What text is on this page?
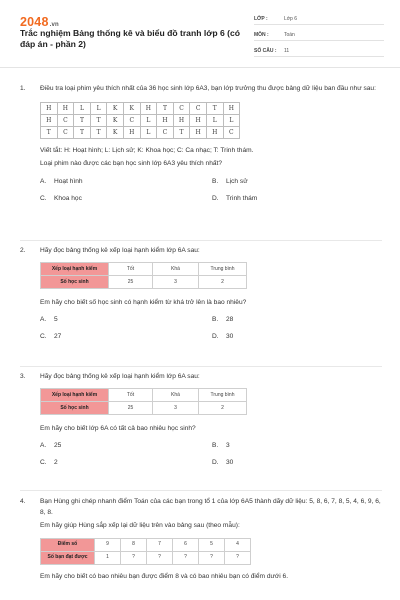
2048.vn
Trắc nghiệm Bảng thống kê và biểu đồ tranh lớp 6 (có đáp án - phần 2)
LỚP :	Lớp 6
MÔN :	Toán
SỐ CÂU :	11
1.	Điều tra loại phim yêu thích nhất của 36 học sinh lớp 6A3, bạn lớp trưởng thu được bảng dữ liệu ban đầu như sau:
H	H	L	L	K	K	H	T	C	C	T	H
H	C	T	T	K	C	L	H	H	H	L	L
T	C	T	T	K	H	L	C	T	H	H	C
Viết tắt: H: Hoạt hình; L: Lịch sử; K: Khoa học; C: Ca nhạc; T: Trinh thám.
Loại phim nào được các bạn học sinh lớp 6A3 yêu thích nhất?
A. Hoạt hình	B. Lịch sử
C. Khoa học	D. Trinh thám
2.	Hãy đọc bảng thống kê xếp loại hạnh kiểm lớp 6A sau:
Xếp loại hạnh kiểm	Tốt	Khá	Trung bình
Số học sinh	25	3	2
Em hãy cho biết số học sinh có hạnh kiểm từ khá trở lên là bao nhiêu?
A. 5	B. 28
C. 27	D. 30
3.	Hãy đọc bảng thống kê xếp loại hạnh kiểm lớp 6A sau:
Xếp loại hạnh kiểm	Tốt	Khá	Trung bình
Số học sinh	25	3	2
Em hãy cho biết lớp 6A có tất cả bao nhiêu học sinh?
A. 25	B. 3
C. 2	D. 30
4.	Bạn Hùng ghi chép nhanh điểm Toán của các bạn trong tổ 1 của lớp 6A5 thành dãy dữ liệu: 5, 8, 6, 7, 8, 5, 4, 6, 9, 6, 8, 8.
Em hãy giúp Hùng sắp xếp lại dữ liệu trên vào bảng sau (theo mẫu):
Điểm số	9	8	7	6	5	4
Số bạn đạt được	1	?	?	?	?	?
Em hãy cho biết có bao nhiêu bạn được điểm 8 và có bao nhiêu bạn có điểm dưới 6.
